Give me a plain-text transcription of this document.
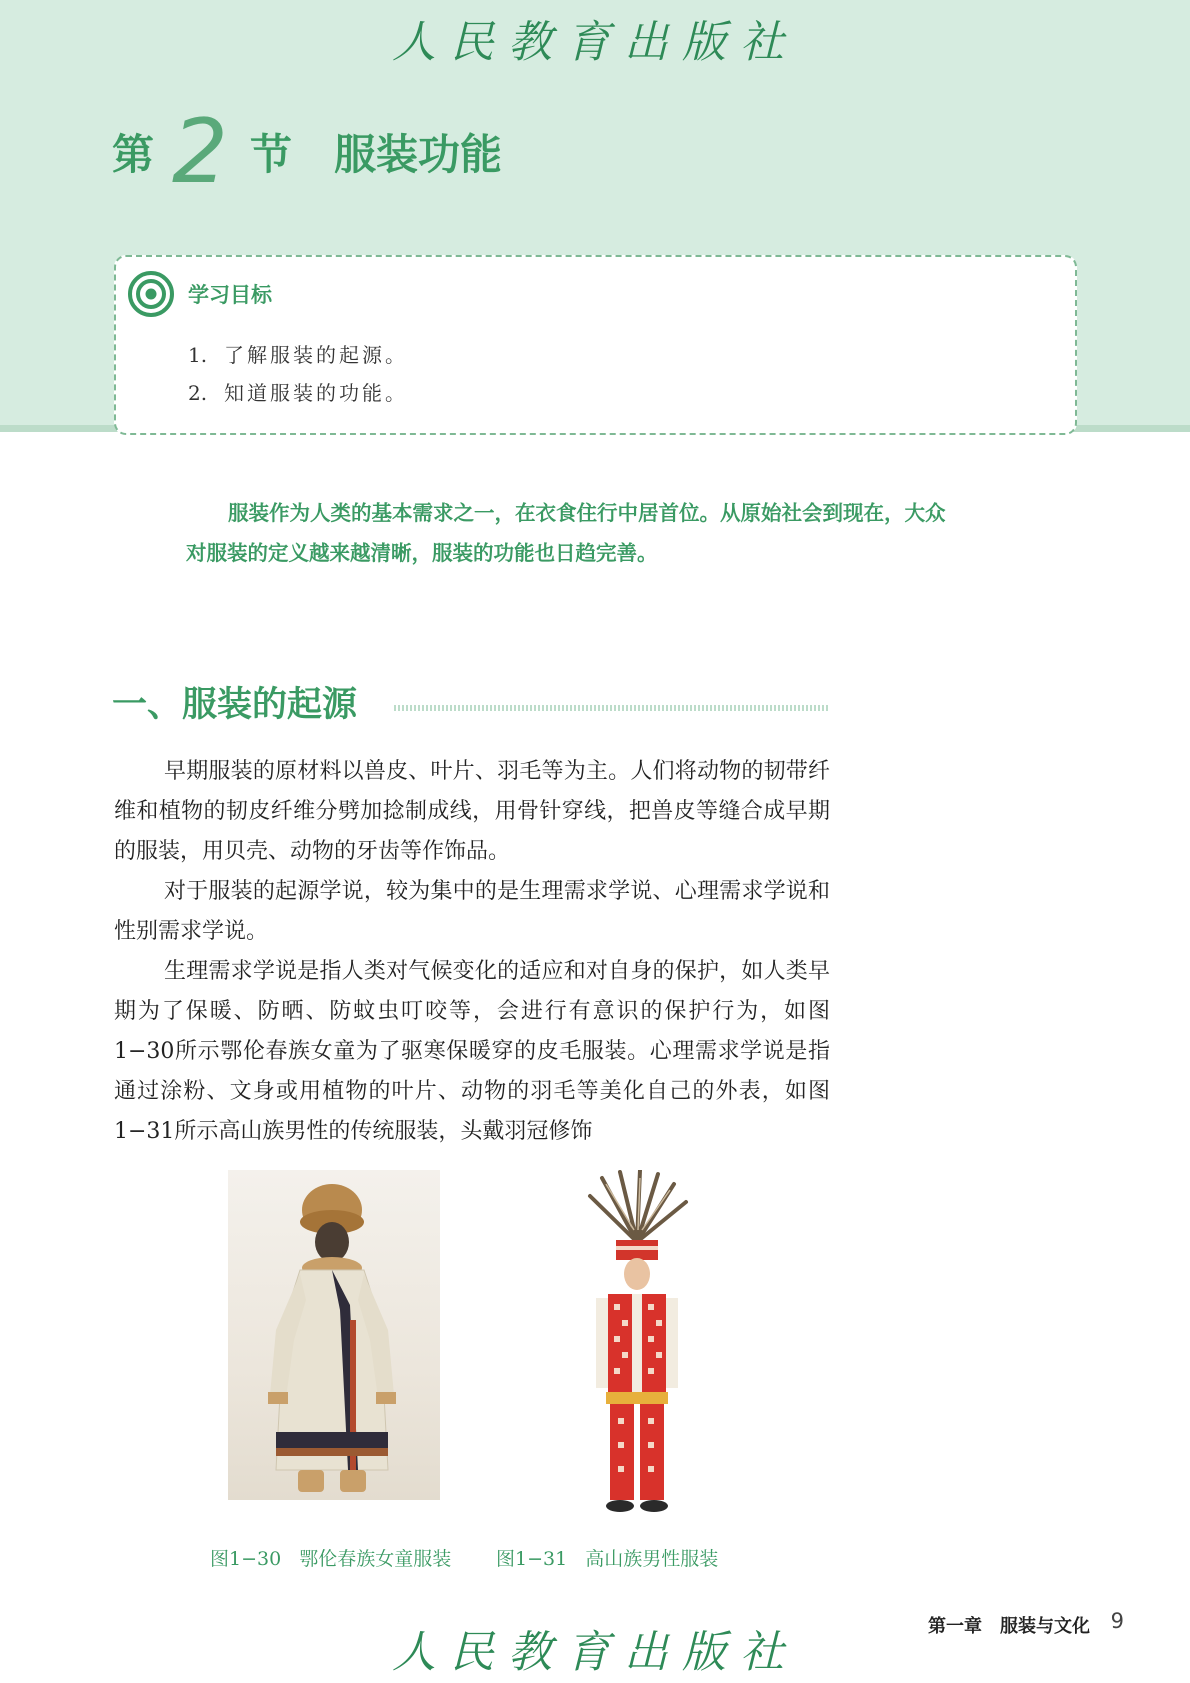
人民教育出版社
第 2 节 服装功能
学习目标
1. 了解服装的起源。
2. 知道服装的功能。
服装作为人类的基本需求之一，在衣食住行中居首位。从原始社会到现在，大众
对服装的定义越来越清晰，服装的功能也日趋完善。
一、服装的起源

早期服装的原材料以兽皮、叶片、羽毛等为主。人们将动物的韧带纤维和植物的韧皮纤维分劈加捻制成线，用骨针穿线，把兽皮等缝合成早期的服装，用贝壳、动物的牙齿等作饰品。

对于服装的起源学说，较为集中的是生理需求学说、心理需求学说和性别需求学说。

生理需求学说是指人类对气候变化的适应和对自身的保护，如人类早期为了保暖、防晒、防蚊虫叮咬等，会进行有意识的保护行为，如图1−30所示鄂伦春族女童为了驱寒保暖穿的皮毛服装。心理需求学说是指通过涂粉、文身或用植物的叶片、动物的羽毛等美化自己的外表，如图1−31所示高山族男性的传统服装，头戴羽冠修饰

图1−30 鄂伦春族女童服装 图1−31 高山族男性服装
人民教育出版社
第一章　服装与文化 9
